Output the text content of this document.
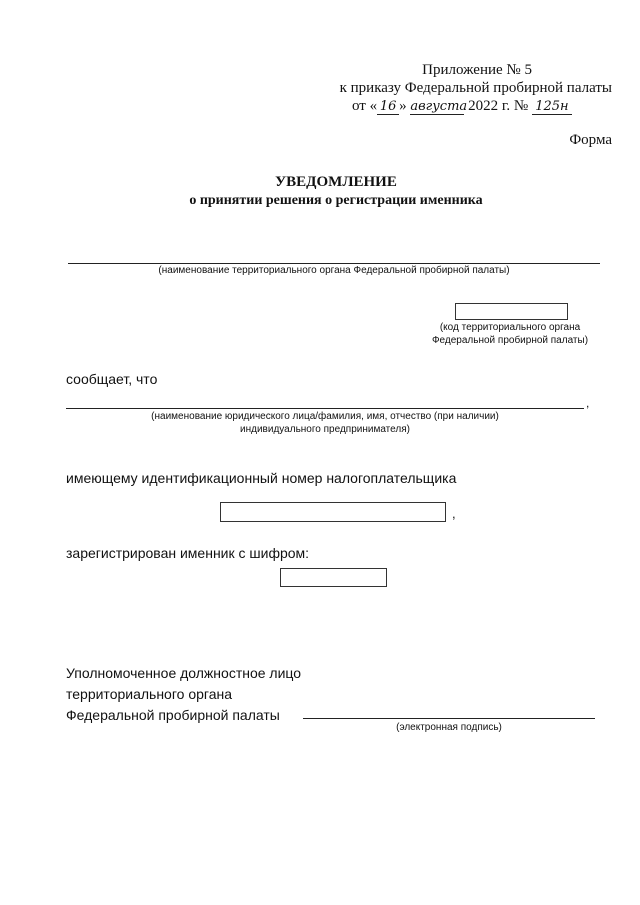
Приложение № 5
к приказу Федеральной пробирной палаты
от « 16 » августа 2022 г. № 125н
Форма
УВЕДОМЛЕНИЕ
о принятии решения о регистрации именника
(наименование территориального органа Федеральной пробирной палаты)
(код территориального органа
Федеральной пробирной палаты)
сообщает, что
,
(наименование юридического лица/фамилия, имя, отчество (при наличии)
индивидуального предпринимателя)
имеющему идентификационный номер налогоплательщика
,
зарегистрирован именник с шифром:
Уполномоченное должностное лицо
территориального органа
Федеральной пробирной палаты
(электронная подпись)
